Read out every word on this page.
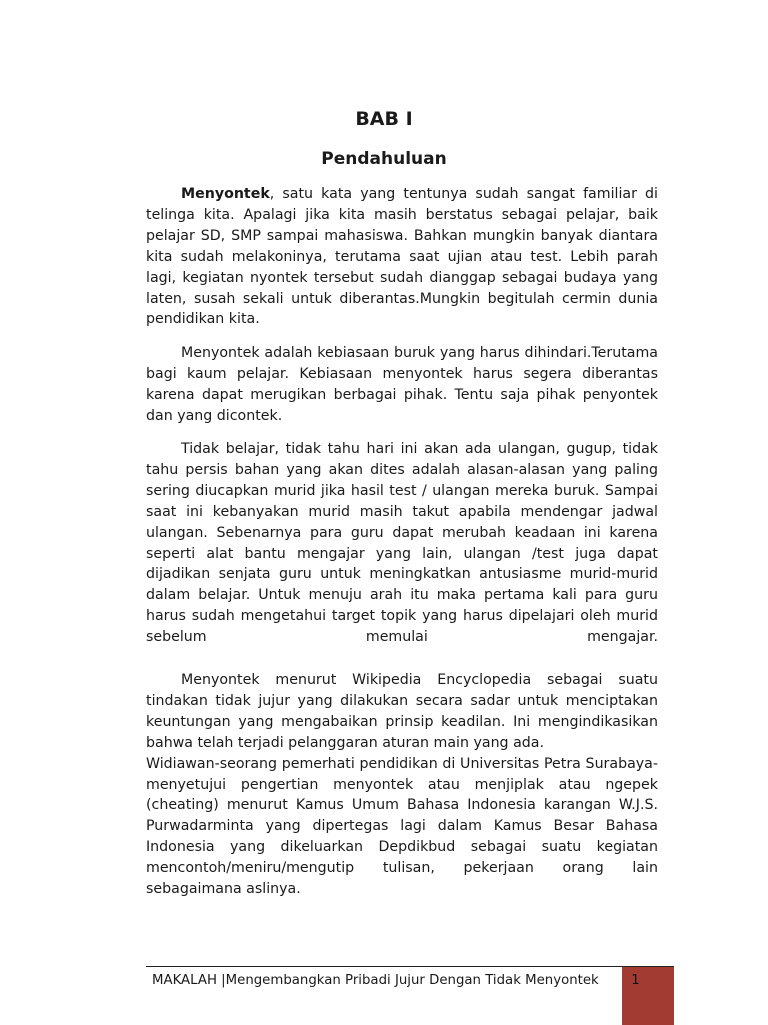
BAB I
Pendahuluan

Menyontek, satu kata yang tentunya sudah sangat familiar di telinga kita. Apalagi jika kita masih berstatus sebagai pelajar, baik pelajar SD, SMP sampai mahasiswa. Bahkan mungkin banyak diantara kita sudah melakoninya, terutama saat ujian atau test. Lebih parah lagi, kegiatan nyontek tersebut sudah dianggap sebagai budaya yang laten, susah sekali untuk diberantas.Mungkin begitulah cermin dunia pendidikan kita.

Menyontek adalah kebiasaan buruk yang harus dihindari.Terutama bagi kaum pelajar. Kebiasaan menyontek harus segera diberantas karena dapat merugikan berbagai pihak. Tentu saja pihak penyontek dan yang dicontek.

Tidak belajar, tidak tahu hari ini akan ada ulangan, gugup, tidak tahu persis bahan yang akan dites adalah alasan-alasan yang paling sering diucapkan murid jika hasil test / ulangan mereka buruk. Sampai saat ini kebanyakan murid masih takut apabila mendengar jadwal ulangan. Sebenarnya para guru dapat merubah keadaan ini karena seperti alat bantu mengajar yang lain, ulangan /test juga dapat dijadikan senjata guru untuk meningkatkan antusiasme murid-murid dalam belajar. Untuk menuju arah itu maka pertama kali para guru harus sudah mengetahui target topik yang harus dipelajari oleh murid sebelum memulai mengajar.

Menyontek menurut Wikipedia Encyclopedia sebagai suatu tindakan tidak jujur yang dilakukan secara sadar untuk menciptakan keuntungan yang mengabaikan prinsip keadilan. Ini mengindikasikan bahwa telah terjadi pelanggaran aturan main yang ada.
Widiawan-seorang pemerhati pendidikan di Universitas Petra Surabaya-menyetujui pengertian menyontek atau menjiplak atau ngepek (cheating) menurut Kamus Umum Bahasa Indonesia karangan W.J.S. Purwadarminta yang dipertegas lagi dalam Kamus Besar Bahasa Indonesia yang dikeluarkan Depdikbud sebagai suatu kegiatan mencontoh/meniru/mengutip tulisan, pekerjaan orang lain sebagaimana aslinya.

MAKALAH |Mengembangkan Pribadi Jujur Dengan Tidak Menyontek	1
